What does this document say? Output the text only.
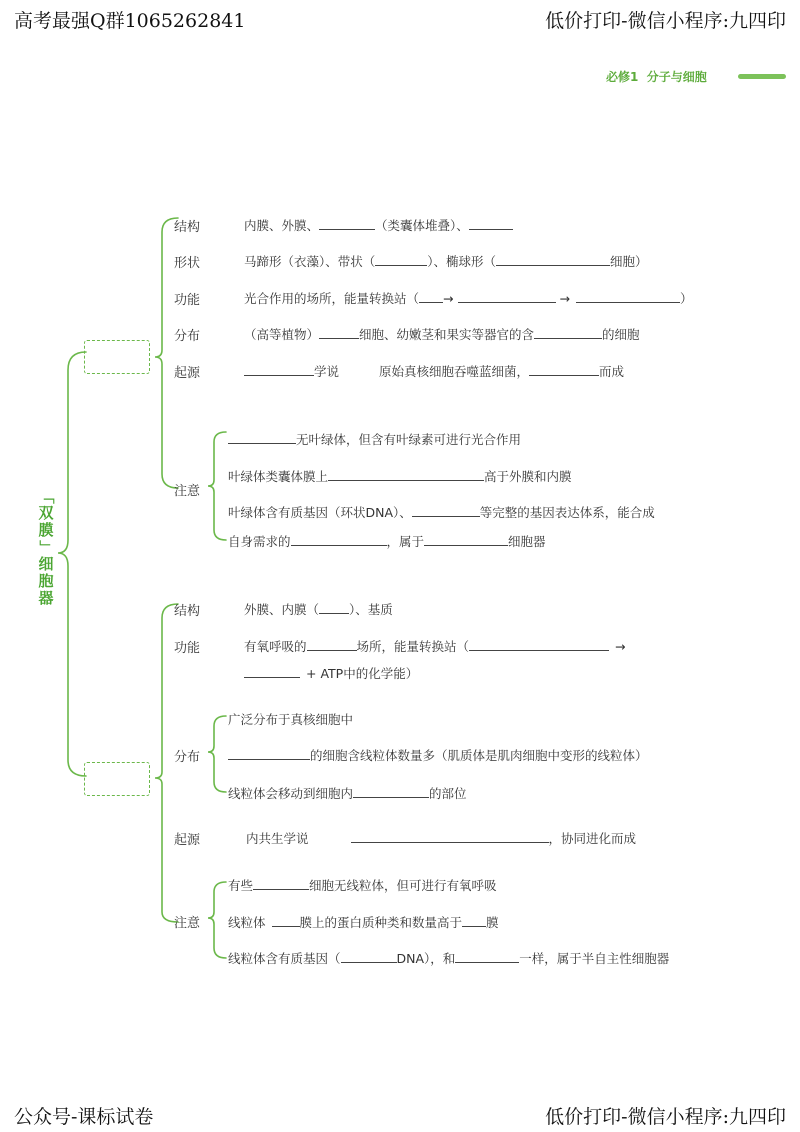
高考最强Q群1065262841	低价打印-微信小程序:九四印
公众号-课标试卷	低价打印-微信小程序:九四印
必修1 分子与细胞
「
双膜
」
细胞器
结构	内膜、外膜、	（类囊体堆叠）、
形状	马蹄形（衣藻）、带状（	）、椭球形（	细胞）
功能	光合作用的场所，能量转换站（ →	→	）
分布	（高等植物）	细胞、幼嫩茎和果实等器官的含	的细胞
起源	学说	原始真核细胞吞噬蓝细菌，	而成
注意
无叶绿体，但含有叶绿素可进行光合作用
叶绿体类囊体膜上	高于外膜和内膜
叶绿体含有质基因（环状DNA）、	等完整的基因表达体系，能合成
自身需求的	，属于	细胞器
结构	外膜、内膜（ ）、基质
功能	有氧呼吸的	场所，能量转换站（	→
+ ATP中的化学能）
分布
广泛分布于真核细胞中
的细胞含线粒体数量多（肌质体是肌肉细胞中变形的线粒体）
线粒体会移动到细胞内	的部位
起源	内共生学说	，协同进化而成
注意
有些	细胞无线粒体，但可进行有氧呼吸
线粒体	膜上的蛋白质种类和数量高于 膜
线粒体含有质基因（	DNA），和	一样，属于半自主性细胞器
